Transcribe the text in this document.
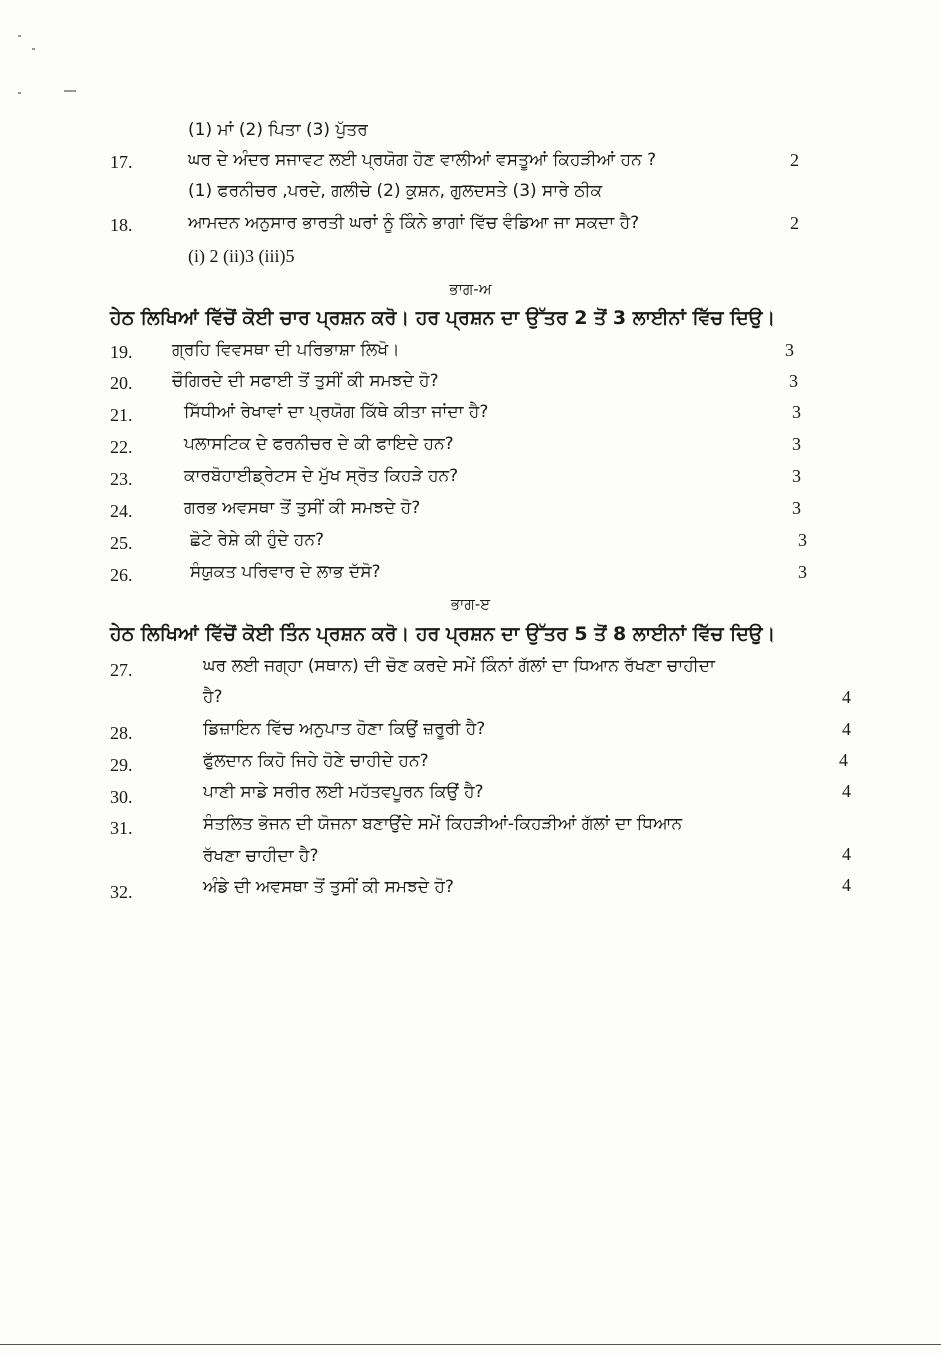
(1) ਮਾਂ (2) ਪਿਤਾ (3) ਪੁੱਤਰ
17.	ਘਰ ਦੇ ਅੰਦਰ ਸਜਾਵਟ ਲਈ ਪ੍ਰਯੋਗ ਹੋਣ ਵਾਲੀਆਂ ਵਸਤੂਆਂ ਕਿਹੜੀਆਂ ਹਨ ?	2
(1) ਫਰਨੀਚਰ ,ਪਰਦੇ, ਗਲੀਚੇ (2) ਕੁਸ਼ਨ, ਗੁਲਦਸਤੇ (3) ਸਾਰੇ ਠੀਕ
18.	ਆਮਦਨ ਅਨੁਸਾਰ ਭਾਰਤੀ ਘਰਾਂ ਨੂੰ ਕਿੰਨੇ ਭਾਗਾਂ ਵਿੱਚ ਵੰਡਿਆ ਜਾ ਸਕਦਾ ਹੈ?	2
(i) 2 (ii)3 (iii)5
ਭਾਗ-ਅ
ਹੇਠ ਲਿਖਿਆਂ ਵਿੱਚੋਂ ਕੋਈ ਚਾਰ ਪ੍ਰਸ਼ਨ ਕਰੋ। ਹਰ ਪ੍ਰਸ਼ਨ ਦਾ ਉੱਤਰ 2 ਤੋਂ 3 ਲਾਈਨਾਂ ਵਿੱਚ ਦਿਉ।
19. ਗ੍ਰਹਿ ਵਿਵਸਥਾ ਦੀ ਪਰਿਭਾਸ਼ਾ ਲਿਖੋ।	3
20. ਚੌਗਿਰਦੇ ਦੀ ਸਫਾਈ ਤੋਂ ਤੁਸੀਂ ਕੀ ਸਮਝਦੇ ਹੋ?	3
21.	ਸਿੱਧੀਆਂ ਰੇਖਾਵਾਂ ਦਾ ਪ੍ਰਯੋਗ ਕਿੱਥੇ ਕੀਤਾ ਜਾਂਦਾ ਹੈ?	3
22.	ਪਲਾਸਟਿਕ ਦੇ ਫਰਨੀਚਰ ਦੇ ਕੀ ਫਾਇਦੇ ਹਨ?	3
23.	ਕਾਰਬੋਹਾਈਡ੍ਰੇਟਸ ਦੇ ਮੁੱਖ ਸ੍ਰੋਤ ਕਿਹੜੇ ਹਨ?	3
24.	ਗਰਭ ਅਵਸਥਾ ਤੋਂ ਤੁਸੀਂ ਕੀ ਸਮਝਦੇ ਹੋ?	3
25.	ਛੋਟੇ ਰੇਸ਼ੇ ਕੀ ਹੁੰਦੇ ਹਨ?	3
26.	ਸੰਯੁਕਤ ਪਰਿਵਾਰ ਦੇ ਲਾਭ ਦੱਸੋ?	3
ਭਾਗ-ੲ
ਹੇਠ ਲਿਖਿਆਂ ਵਿੱਚੋਂ ਕੋਈ ਤਿੰਨ ਪ੍ਰਸ਼ਨ ਕਰੋ। ਹਰ ਪ੍ਰਸ਼ਨ ਦਾ ਉੱਤਰ 5 ਤੋਂ 8 ਲਾਈਨਾਂ ਵਿੱਚ ਦਿਉ।
27.	ਘਰ ਲਈ ਜਗ੍ਹਾ (ਸਥਾਨ) ਦੀ ਚੋਣ ਕਰਦੇ ਸਮੇਂ ਕਿੰਨਾਂ ਗੱਲਾਂ ਦਾ ਧਿਆਨ ਰੱਖਣਾ ਚਾਹੀਦਾ
ਹੈ?	4
28.	ਡਿਜ਼ਾਇਨ ਵਿੱਚ ਅਨੁਪਾਤ ਹੋਣਾ ਕਿਉਂ ਜ਼ਰੂਰੀ ਹੈ?	4
29.	ਫੁੱਲਦਾਨ ਕਿਹੋ ਜਿਹੇ ਹੋਣੇ ਚਾਹੀਦੇ ਹਨ?	4
30.	ਪਾਣੀ ਸਾਡੇ ਸਰੀਰ ਲਈ ਮਹੱਤਵਪੂਰਨ ਕਿਉਂ ਹੈ?	4
31.	ਸੰਤਲਿਤ ਭੋਜਨ ਦੀ ਯੋਜਨਾ ਬਣਾਉਂਦੇ ਸਮੇਂ ਕਿਹੜੀਆਂ-ਕਿਹੜੀਆਂ ਗੱਲਾਂ ਦਾ ਧਿਆਨ
ਰੱਖਣਾ ਚਾਹੀਦਾ ਹੈ?	4
32.	ਅੰਡੇ ਦੀ ਅਵਸਥਾ ਤੋਂ ਤੁਸੀਂ ਕੀ ਸਮਝਦੇ ਹੋ?	4
